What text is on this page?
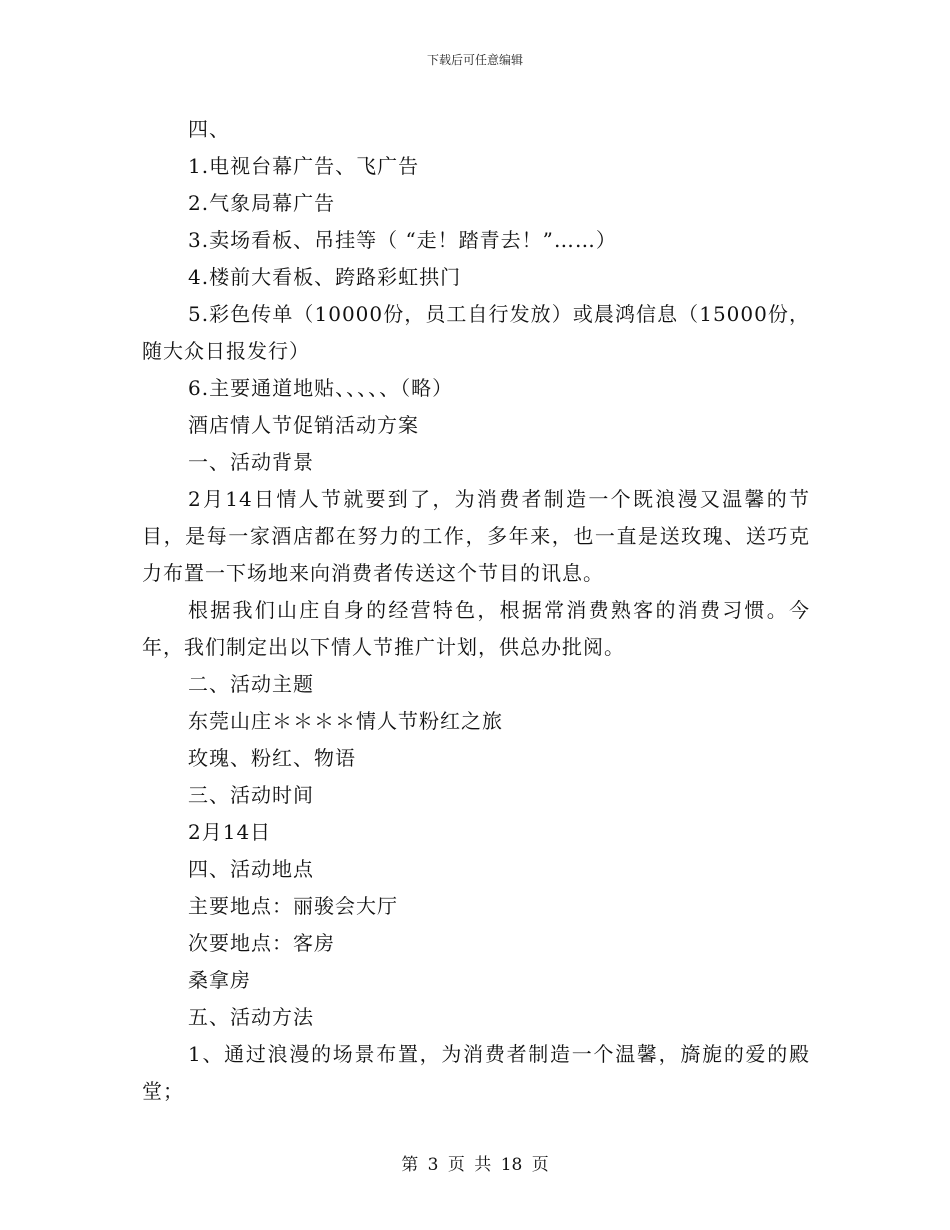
下载后可任意编辑

四、

1.电视台幕广告、飞广告

2.气象局幕广告

3.卖场看板、吊挂等（ “走！踏青去！”……）

4.楼前大看板、跨路彩虹拱门

5.彩色传单（10000份，员工自行发放）或晨鸿信息（15000份，随大众日报发行）

6.主要通道地贴、、、、、（略）

酒店情人节促销活动方案

一、活动背景

2月14日情人节就要到了，为消费者制造一个既浪漫又温馨的节目，是每一家酒店都在努力的工作，多年来，也一直是送玫瑰、送巧克力布置一下场地来向消费者传送这个节目的讯息。

根据我们山庄自身的经营特色，根据常消费熟客的消费习惯。今年，我们制定出以下情人节推广计划，供总办批阅。

二、活动主题

东莞山庄＊＊＊＊情人节粉红之旅

玫瑰、粉红、物语

三、活动时间

2月14日

四、活动地点

主要地点：丽骏会大厅

次要地点：客房

桑拿房

五、活动方法

1、通过浪漫的场景布置，为消费者制造一个温馨，旖旎的爱的殿堂；

第 3 页 共 18 页
